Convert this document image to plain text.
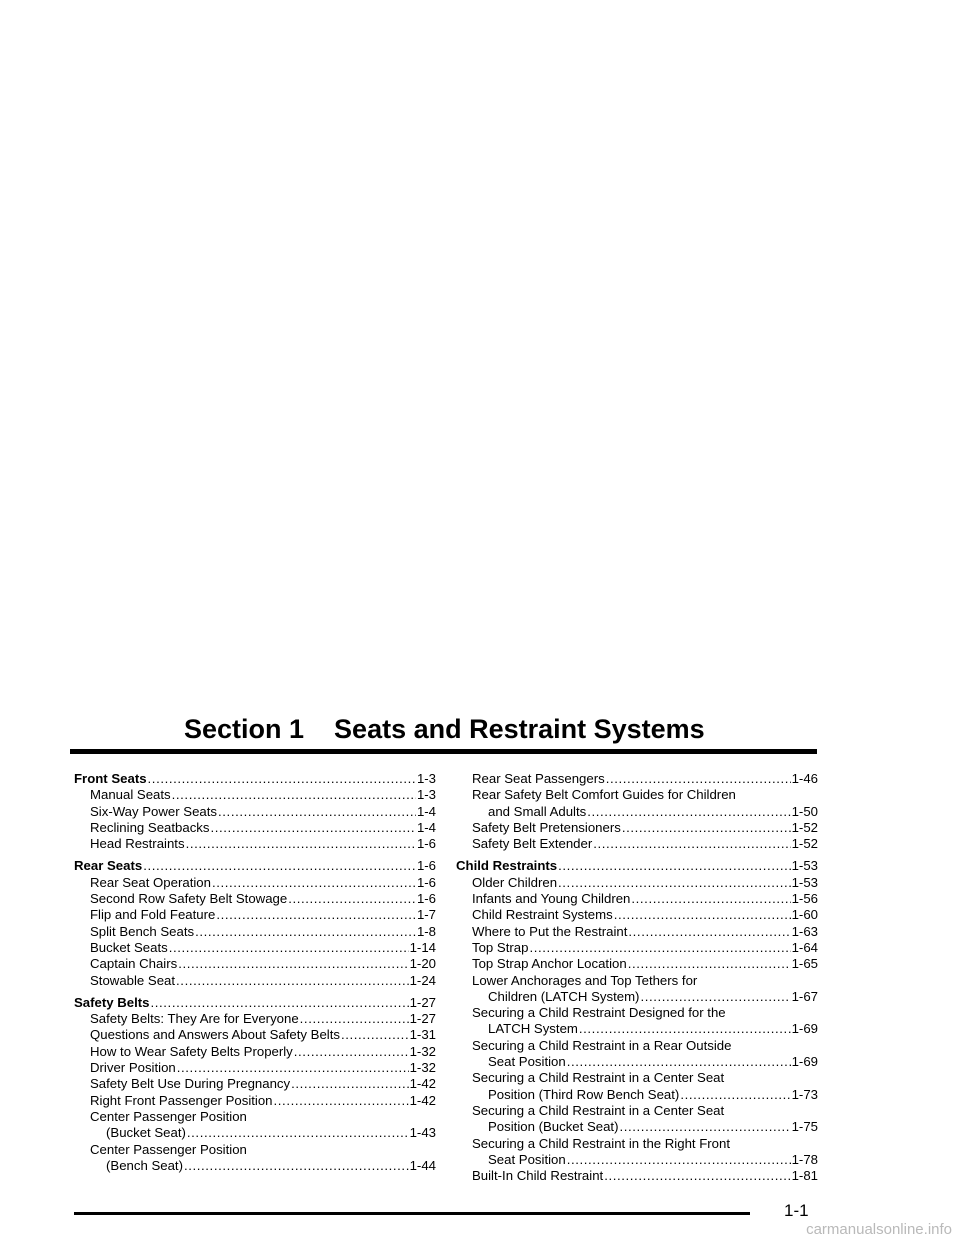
Section 1    Seats and Restraint Systems
Front Seats .....	1-3
Manual Seats .....	1-3
Six-Way Power Seats .....	1-4
Reclining Seatbacks .....	1-4
Head Restraints .....	1-6
Rear Seats .....	1-6
Rear Seat Operation .....	1-6
Second Row Safety Belt Stowage .....	1-6
Flip and Fold Feature .....	1-7
Split Bench Seats .....	1-8
Bucket Seats .....	1-14
Captain Chairs .....	1-20
Stowable Seat .....	1-24
Safety Belts .....	1-27
Safety Belts: They Are for Everyone .....	1-27
Questions and Answers About Safety Belts .....	1-31
How to Wear Safety Belts Properly .....	1-32
Driver Position .....	1-32
Safety Belt Use During Pregnancy .....	1-42
Right Front Passenger Position .....	1-42
Center Passenger Position
(Bucket Seat) .....	1-43
Center Passenger Position
(Bench Seat) .....	1-44
Rear Seat Passengers .....	1-46
Rear Safety Belt Comfort Guides for Children
and Small Adults .....	1-50
Safety Belt Pretensioners .....	1-52
Safety Belt Extender .....	1-52
Child Restraints .....	1-53
Older Children .....	1-53
Infants and Young Children .....	1-56
Child Restraint Systems .....	1-60
Where to Put the Restraint .....	1-63
Top Strap .....	1-64
Top Strap Anchor Location .....	1-65
Lower Anchorages and Top Tethers for
Children (LATCH System) .....	1-67
Securing a Child Restraint Designed for the
LATCH System .....	1-69
Securing a Child Restraint in a Rear Outside
Seat Position .....	1-69
Securing a Child Restraint in a Center Seat
Position (Third Row Bench Seat) .....	1-73
Securing a Child Restraint in a Center Seat
Position (Bucket Seat) .....	1-75
Securing a Child Restraint in the Right Front
Seat Position .....	1-78
Built-In Child Restraint .....	1-81
1-1
carmanualsonline.info
